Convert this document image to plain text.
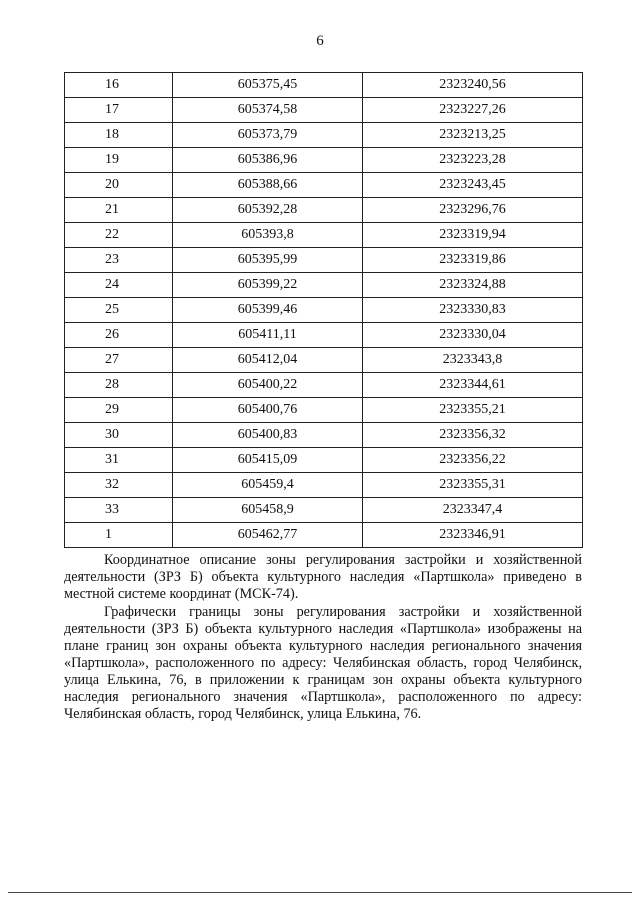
6
16	605375,45	2323240,56
17	605374,58	2323227,26
18	605373,79	2323213,25
19	605386,96	2323223,28
20	605388,66	2323243,45
21	605392,28	2323296,76
22	605393,8	2323319,94
23	605395,99	2323319,86
24	605399,22	2323324,88
25	605399,46	2323330,83
26	605411,11	2323330,04
27	605412,04	2323343,8
28	605400,22	2323344,61
29	605400,76	2323355,21
30	605400,83	2323356,32
31	605415,09	2323356,22
32	605459,4	2323355,31
33	605458,9	2323347,4
1	605462,77	2323346,91

Координатное описание зоны регулирования застройки и хозяйственной деятельности (ЗРЗ Б) объекта культурного наследия «Партшкола» приведено в местной системе координат (МСК-74).

Графически границы зоны регулирования застройки и хозяйственной деятельности (ЗРЗ Б) объекта культурного наследия «Партшкола» изображены на плане границ зон охраны объекта культурного наследия регионального значения «Партшкола», расположенного по адресу: Челябинская область, город Челябинск, улица Елькина, 76, в приложении к границам зон охраны объекта культурного наследия регионального значения «Партшкола», расположенного по адресу: Челябинская область, город Челябинск, улица Елькина, 76.
